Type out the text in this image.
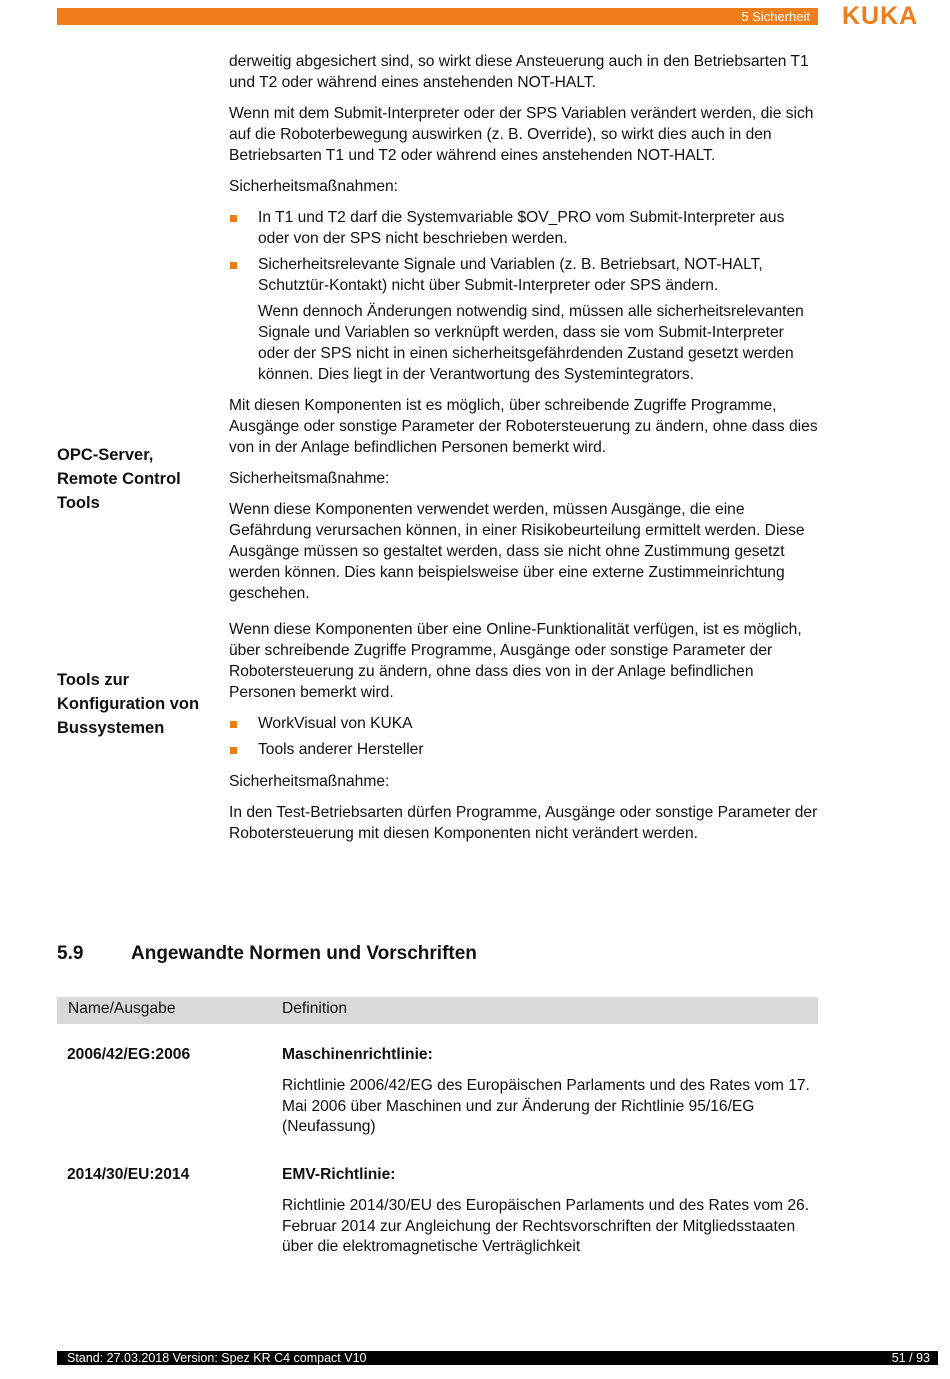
5 Sicherheit KUKA

derweitig abgesichert sind, so wirkt diese Ansteuerung auch in den Betriebsarten T1 und T2 oder während eines anstehenden NOT-HALT.

Wenn mit dem Submit-Interpreter oder der SPS Variablen verändert werden, die sich auf die Roboterbewegung auswirken (z. B. Override), so wirkt dies auch in den Betriebsarten T1 und T2 oder während eines anstehenden NOT-HALT.

Sicherheitsmaßnahmen:

In T1 und T2 darf die Systemvariable $OV_PRO vom Submit-Interpreter aus oder von der SPS nicht beschrieben werden.
Sicherheitsrelevante Signale und Variablen (z. B. Betriebsart, NOT-HALT, Schutztür-Kontakt) nicht über Submit-Interpreter oder SPS ändern.

Wenn dennoch Änderungen notwendig sind, müssen alle sicherheitsrelevanten Signale und Variablen so verknüpft werden, dass sie vom Submit-Interpreter oder der SPS nicht in einen sicherheitsgefährdenden Zustand gesetzt werden können. Dies liegt in der Verantwortung des Systemintegrators.

Mit diesen Komponenten ist es möglich, über schreibende Zugriffe Programme, Ausgänge oder sonstige Parameter der Robotersteuerung zu ändern, ohne dass dies von in der Anlage befindlichen Personen bemerkt wird.

Sicherheitsmaßnahme:

Wenn diese Komponenten verwendet werden, müssen Ausgänge, die eine Gefährdung verursachen können, in einer Risikobeurteilung ermittelt werden. Diese Ausgänge müssen so gestaltet werden, dass sie nicht ohne Zustimmung gesetzt werden können. Dies kann beispielsweise über eine externe Zustimmeinrichtung geschehen.

Wenn diese Komponenten über eine Online-Funktionalität verfügen, ist es möglich, über schreibende Zugriffe Programme, Ausgänge oder sonstige Parameter der Robotersteuerung zu ändern, ohne dass dies von in der Anlage befindlichen Personen bemerkt wird.

WorkVisual von KUKA
Tools anderer Hersteller

Sicherheitsmaßnahme:

In den Test-Betriebsarten dürfen Programme, Ausgänge oder sonstige Parameter der Robotersteuerung mit diesen Komponenten nicht verändert werden.

OPC-Server, Remote Control Tools
Tools zur Konfiguration von Bussystemen
5.9	Angewandte Normen und Vorschriften
Name/Ausgabe	Definition
2006/42/EG:2006	Maschinenrichtlinie:
Richtlinie 2006/42/EG des Europäischen Parlaments und des Rates vom 17. Mai 2006 über Maschinen und zur Änderung der Richtlinie 95/16/EG (Neufassung)
2014/30/EU:2014	EMV-Richtlinie:
Richtlinie 2014/30/EU des Europäischen Parlaments und des Rates vom 26. Februar 2014 zur Angleichung der Rechtsvorschriften der Mitgliedsstaaten über die elektromagnetische Verträglichkeit
Stand: 27.03.2018 Version: Spez KR C4 compact V10	51 / 93
